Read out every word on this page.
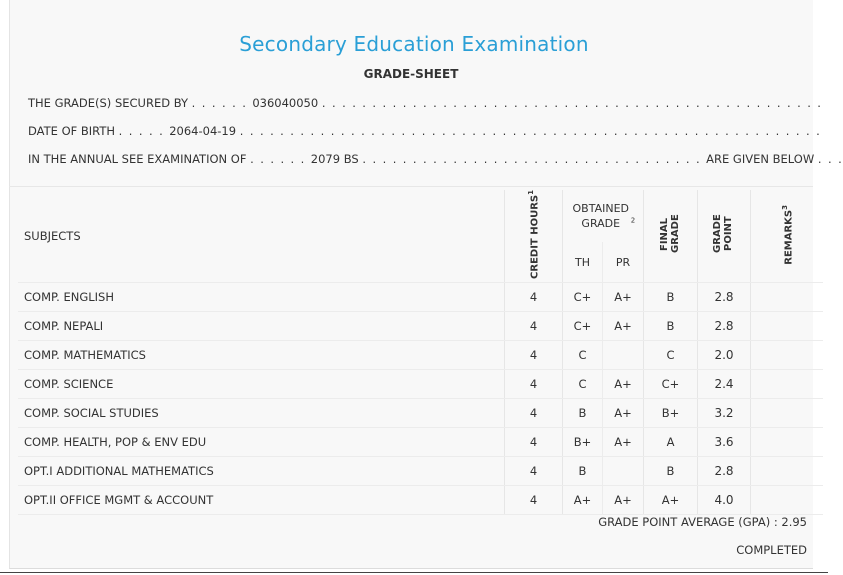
Secondary Education Examination
GRADE-SHEET
THE GRADE(S) SECURED BY . . . . . . 036040050 . . . . . . . . . . . . . . . . . . . . . . . . . . . . . . . . . . . . . . . . . . . . . . . . . .
DATE OF BIRTH . . . . . 2064-04-19 . . . . . . . . . . . . . . . . . . . . . . . . . . . . . . . . . . . . . . . . . . . . . . . . . . . . . . . . . .
IN THE ANNUAL SEE EXAMINATION OF . . . . . . 2079 BS . . . . . . . . . . . . . . . . . . . . . . . . . . . . . . . . . . ARE GIVEN BELOW . . .
SUBJECTS	CREDIT HOURS$^1$	OBTAINED GRADE $^2$		FINAL GRADE	GRADE POINT	REMARKS$^3$
		TH	PR			
COMP. ENGLISH	4	C+	A+	B	2.8	
COMP. NEPALI	4	C+	A+	B	2.8	
COMP. MATHEMATICS	4	C		C	2.0	
COMP. SCIENCE	4	C	A+	C+	2.4	
COMP. SOCIAL STUDIES	4	B	A+	B+	3.2	
COMP. HEALTH, POP & ENV EDU	4	B+	A+	A	3.6	
OPT.I ADDITIONAL MATHEMATICS	4	B		B	2.8	
OPT.II OFFICE MGMT & ACCOUNT	4	A+	A+	A+	4.0	
GRADE POINT AVERAGE (GPA) : 2.95
COMPLETED
